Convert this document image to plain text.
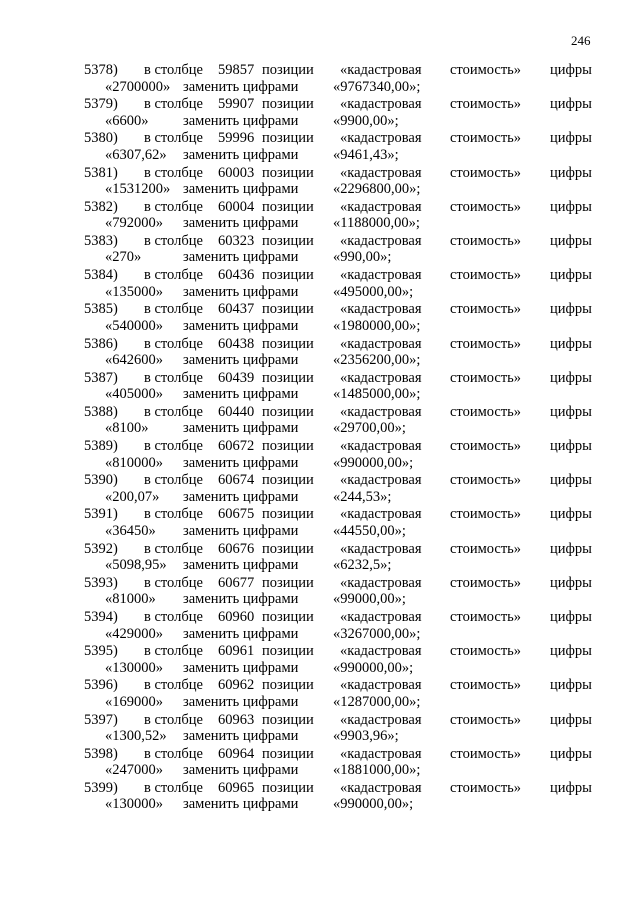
246
5378) в столбце 59857 позиции «кадастровая стоимость» цифры
«2700000» заменить цифрами «9767340,00»;
5379) в столбце 59907 позиции «кадастровая стоимость» цифры
«6600» заменить цифрами «9900,00»;
5380) в столбце 59996 позиции «кадастровая стоимость» цифры
«6307,62» заменить цифрами «9461,43»;
5381) в столбце 60003 позиции «кадастровая стоимость» цифры
«1531200» заменить цифрами «2296800,00»;
5382) в столбце 60004 позиции «кадастровая стоимость» цифры
«792000» заменить цифрами «1188000,00»;
5383) в столбце 60323 позиции «кадастровая стоимость» цифры
«270»	заменить цифрами «990,00»;
5384) в столбце 60436 позиции «кадастровая стоимость» цифры
«135000» заменить цифрами «495000,00»;
5385) в столбце 60437 позиции «кадастровая стоимость» цифры
«540000» заменить цифрами «1980000,00»;
5386) в столбце 60438 позиции «кадастровая стоимость» цифры
«642600» заменить цифрами «2356200,00»;
5387) в столбце 60439 позиции «кадастровая стоимость» цифры
«405000» заменить цифрами «1485000,00»;
5388) в столбце 60440 позиции «кадастровая стоимость» цифры
«8100» заменить цифрами «29700,00»;
5389) в столбце 60672 позиции «кадастровая стоимость» цифры
«810000» заменить цифрами «990000,00»;
5390) в столбце 60674 позиции «кадастровая стоимость» цифры
«200,07» заменить цифрами «244,53»;
5391) в столбце 60675 позиции «кадастровая стоимость» цифры
«36450» заменить цифрами «44550,00»;
5392) в столбце 60676 позиции «кадастровая стоимость» цифры
«5098,95» заменить цифрами «6232,5»;
5393) в столбце 60677 позиции «кадастровая стоимость» цифры
«81000» заменить цифрами «99000,00»;
5394) в столбце 60960 позиции «кадастровая стоимость» цифры
«429000» заменить цифрами «3267000,00»;
5395) в столбце 60961 позиции «кадастровая стоимость» цифры
«130000» заменить цифрами «990000,00»;
5396) в столбце 60962 позиции «кадастровая стоимость» цифры
«169000» заменить цифрами «1287000,00»;
5397) в столбце 60963 позиции «кадастровая стоимость» цифры
«1300,52» заменить цифрами «9903,96»;
5398) в столбце 60964 позиции «кадастровая стоимость» цифры
«247000» заменить цифрами «1881000,00»;
5399) в столбце 60965 позиции «кадастровая стоимость» цифры
«130000» заменить цифрами «990000,00»;
